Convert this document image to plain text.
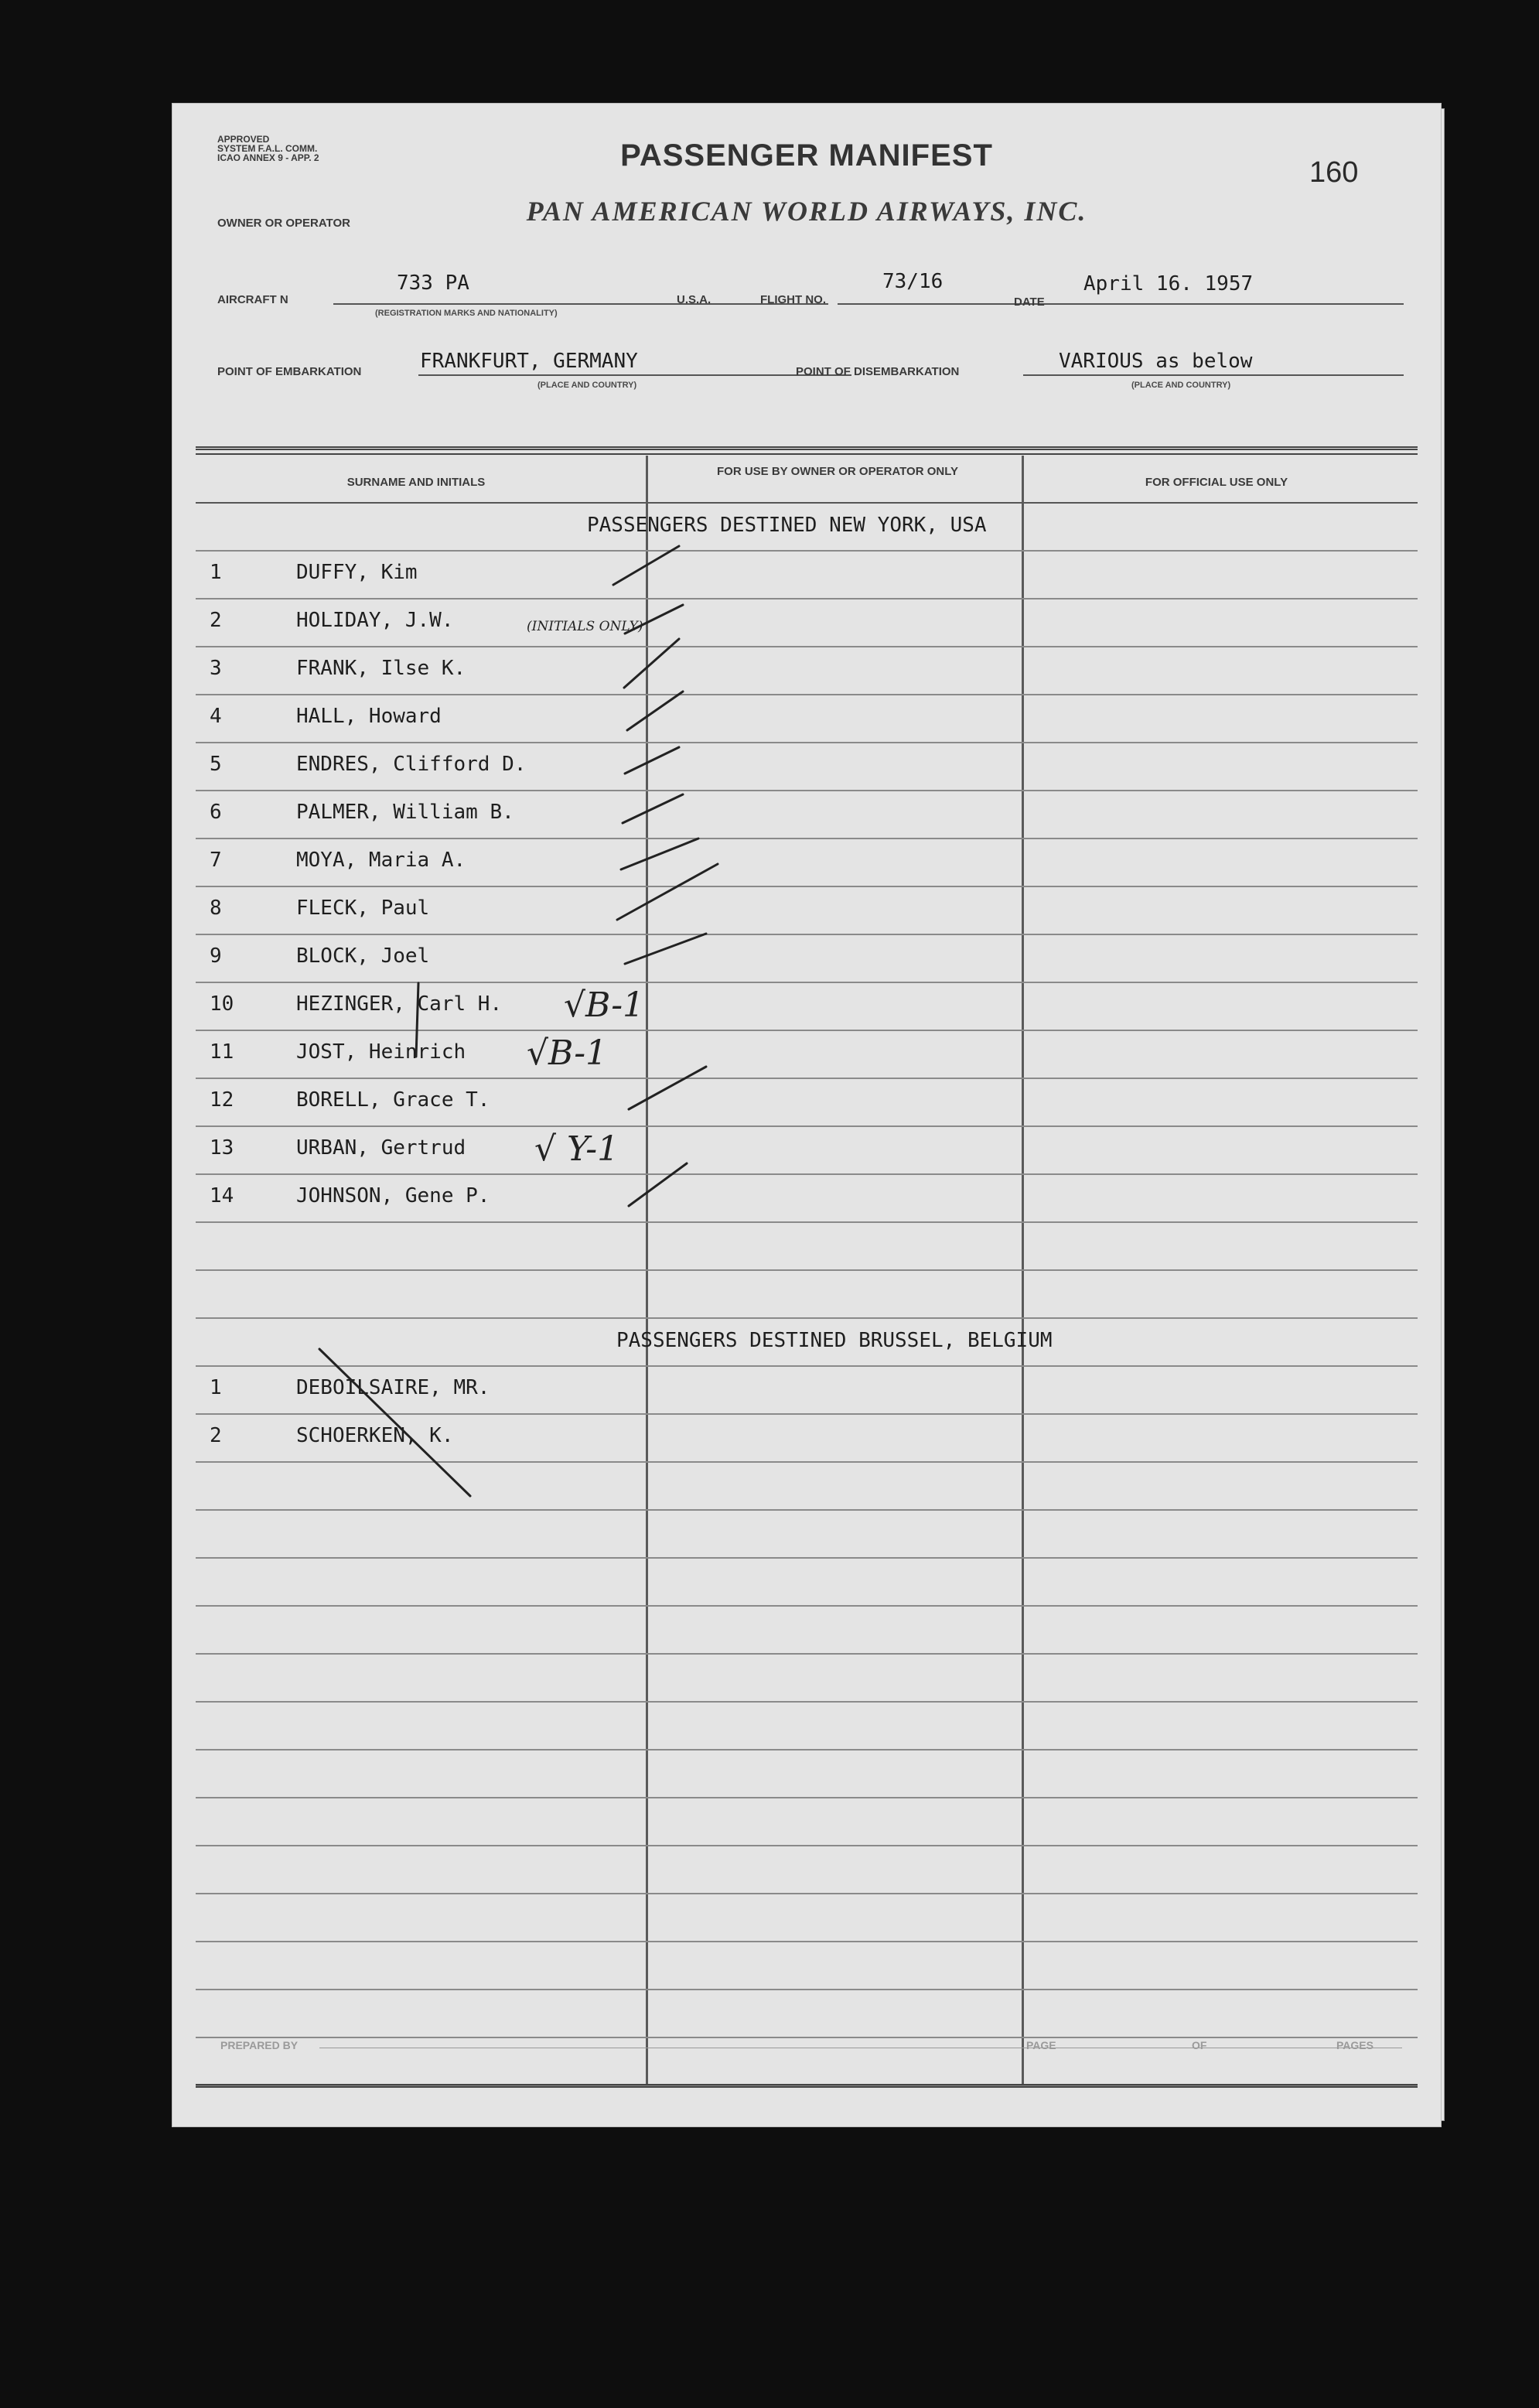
APPROVED
SYSTEM F.A.L. COMM.
ICAO ANNEX 9 - APP. 2	PASSENGER MANIFEST
PAN AMERICAN WORLD AIRWAYS, INC.
160
OWNER OR OPERATOR
AIRCRAFT N
733 PA
(REGISTRATION MARKS AND NATIONALITY)
U.S.A.	FLIGHT NO.
73/16
DATE
April 16. 1957
POINT OF EMBARKATION	FRANKFURT, GERMANY
(PLACE AND COUNTRY)
POINT OF DISEMBARKATION	VARIOUS as below
(PLACE AND COUNTRY)
SURNAME AND INITIALS
FOR USE BY OWNER OR OPERATOR ONLY
FOR OFFICIAL USE ONLY
PASSENGERS DESTINED NEW YORK, USA
1	DUFFY, Kim
2	HOLIDAY, J.W.
3	FRANK, Ilse K.
4	HALL, Howard
5	ENDRES, Clifford D.
6	PALMER, William B.
7	MOYA, Maria A.
8	FLECK, Paul
9	BLOCK, Joel
10	HEZINGER, Carl H.
11	JOST, Heinrich
12	BORELL, Grace T.
13	URBAN, Gertrud
14	JOHNSON, Gene P.
PASSENGERS DESTINED BRUSSEL, BELGIUM
1	DEBOILSAIRE, MR.
2	SCHOERKEN, K.
(INITIALS ONLY)
√B-1
√B-1
√ Y-1
PREPARED BY	PAGE	OF	PAGES
